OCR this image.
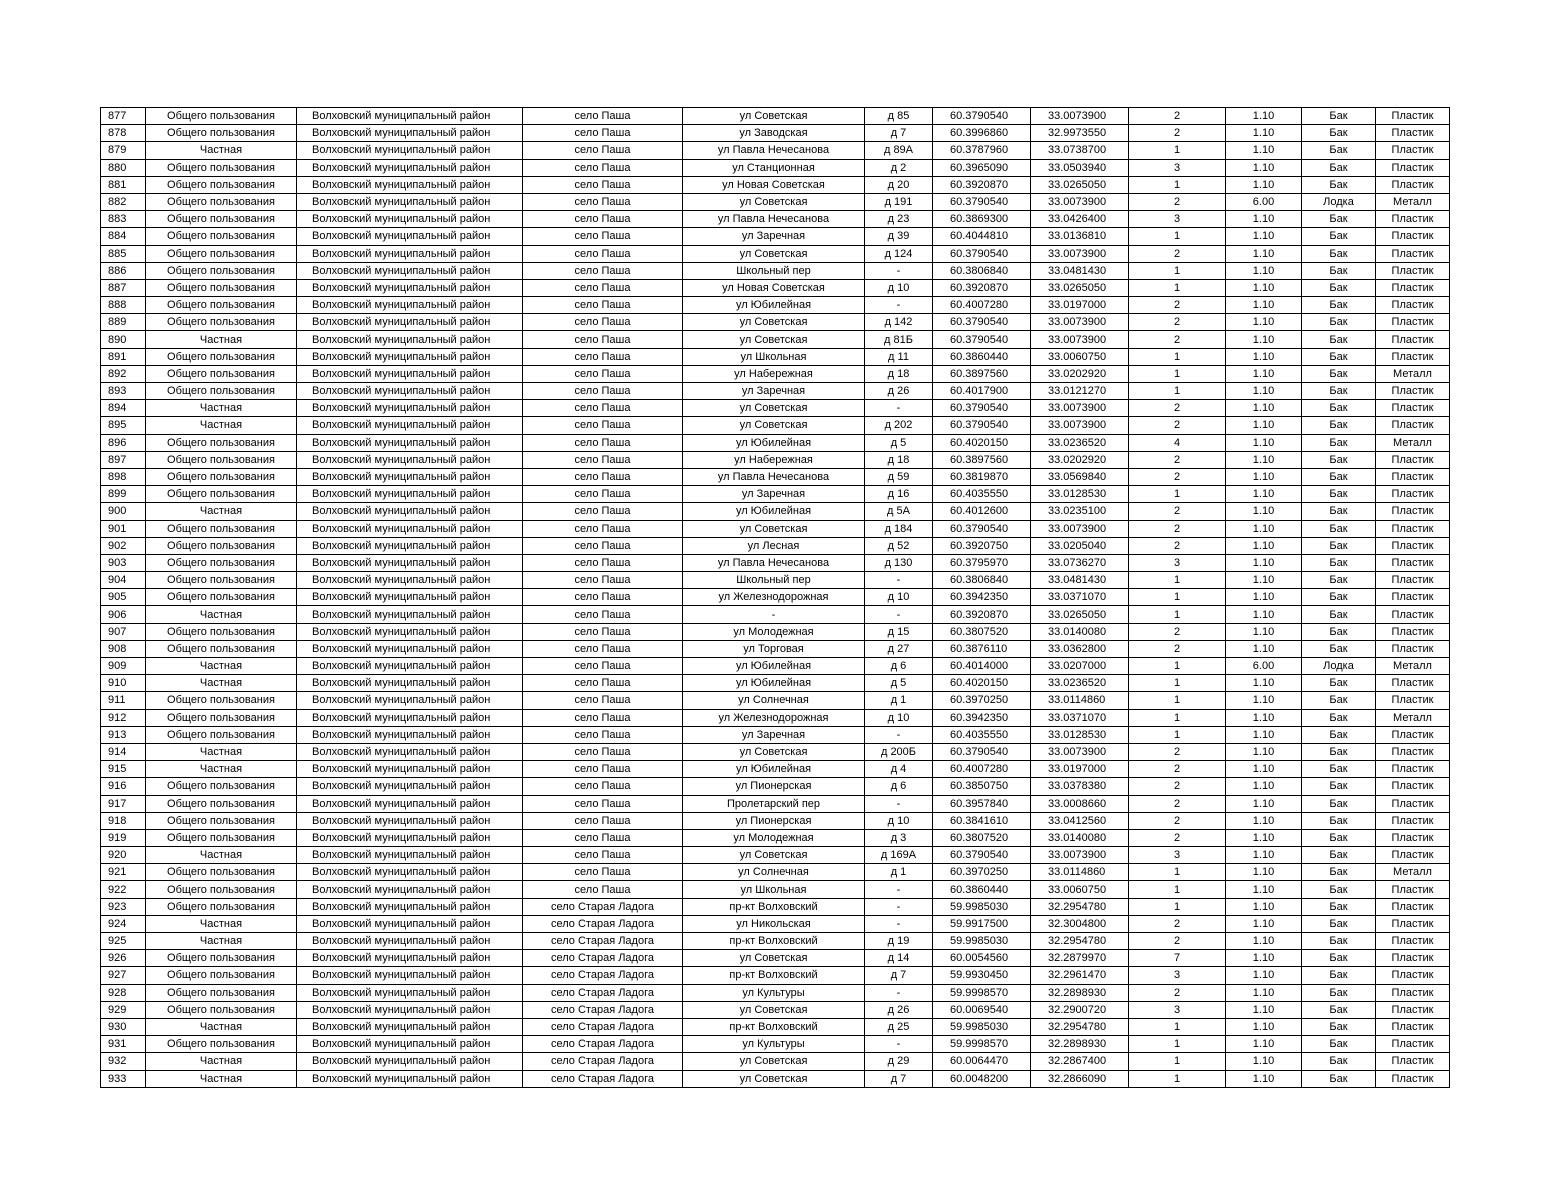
877	Общего пользования	Волховский муниципальный район	село Паша	ул Советская	д 85	60.3790540	33.0073900	2	1.10	Бак	Пластик
878	Общего пользования	Волховский муниципальный район	село Паша	ул Заводская	д 7	60.3996860	32.9973550	2	1.10	Бак	Пластик
879	Частная	Волховский муниципальный район	село Паша	ул Павла Нечесанова	д 89А	60.3787960	33.0738700	1	1.10	Бак	Пластик
880	Общего пользования	Волховский муниципальный район	село Паша	ул Станционная	д 2	60.3965090	33.0503940	3	1.10	Бак	Пластик
881	Общего пользования	Волховский муниципальный район	село Паша	ул Новая Советская	д 20	60.3920870	33.0265050	1	1.10	Бак	Пластик
882	Общего пользования	Волховский муниципальный район	село Паша	ул Советская	д 191	60.3790540	33.0073900	2	6.00	Лодка	Металл
883	Общего пользования	Волховский муниципальный район	село Паша	ул Павла Нечесанова	д 23	60.3869300	33.0426400	3	1.10	Бак	Пластик
884	Общего пользования	Волховский муниципальный район	село Паша	ул Заречная	д 39	60.4044810	33.0136810	1	1.10	Бак	Пластик
885	Общего пользования	Волховский муниципальный район	село Паша	ул Советская	д 124	60.3790540	33.0073900	2	1.10	Бак	Пластик
886	Общего пользования	Волховский муниципальный район	село Паша	Школьный пер	-	60.3806840	33.0481430	1	1.10	Бак	Пластик
887	Общего пользования	Волховский муниципальный район	село Паша	ул Новая Советская	д 10	60.3920870	33.0265050	1	1.10	Бак	Пластик
888	Общего пользования	Волховский муниципальный район	село Паша	ул Юбилейная	-	60.4007280	33.0197000	2	1.10	Бак	Пластик
889	Общего пользования	Волховский муниципальный район	село Паша	ул Советская	д 142	60.3790540	33.0073900	2	1.10	Бак	Пластик
890	Частная	Волховский муниципальный район	село Паша	ул Советская	д 81Б	60.3790540	33.0073900	2	1.10	Бак	Пластик
891	Общего пользования	Волховский муниципальный район	село Паша	ул Школьная	д 11	60.3860440	33.0060750	1	1.10	Бак	Пластик
892	Общего пользования	Волховский муниципальный район	село Паша	ул Набережная	д 18	60.3897560	33.0202920	1	1.10	Бак	Металл
893	Общего пользования	Волховский муниципальный район	село Паша	ул Заречная	д 26	60.4017900	33.0121270	1	1.10	Бак	Пластик
894	Частная	Волховский муниципальный район	село Паша	ул Советская	-	60.3790540	33.0073900	2	1.10	Бак	Пластик
895	Частная	Волховский муниципальный район	село Паша	ул Советская	д 202	60.3790540	33.0073900	2	1.10	Бак	Пластик
896	Общего пользования	Волховский муниципальный район	село Паша	ул Юбилейная	д 5	60.4020150	33.0236520	4	1.10	Бак	Металл
897	Общего пользования	Волховский муниципальный район	село Паша	ул Набережная	д 18	60.3897560	33.0202920	2	1.10	Бак	Пластик
898	Общего пользования	Волховский муниципальный район	село Паша	ул Павла Нечесанова	д 59	60.3819870	33.0569840	2	1.10	Бак	Пластик
899	Общего пользования	Волховский муниципальный район	село Паша	ул Заречная	д 16	60.4035550	33.0128530	1	1.10	Бак	Пластик
900	Частная	Волховский муниципальный район	село Паша	ул Юбилейная	д 5А	60.4012600	33.0235100	2	1.10	Бак	Пластик
901	Общего пользования	Волховский муниципальный район	село Паша	ул Советская	д 184	60.3790540	33.0073900	2	1.10	Бак	Пластик
902	Общего пользования	Волховский муниципальный район	село Паша	ул Лесная	д 52	60.3920750	33.0205040	2	1.10	Бак	Пластик
903	Общего пользования	Волховский муниципальный район	село Паша	ул Павла Нечесанова	д 130	60.3795970	33.0736270	3	1.10	Бак	Пластик
904	Общего пользования	Волховский муниципальный район	село Паша	Школьный пер	-	60.3806840	33.0481430	1	1.10	Бак	Пластик
905	Общего пользования	Волховский муниципальный район	село Паша	ул Железнодорожная	д 10	60.3942350	33.0371070	1	1.10	Бак	Пластик
906	Частная	Волховский муниципальный район	село Паша	-	-	60.3920870	33.0265050	1	1.10	Бак	Пластик
907	Общего пользования	Волховский муниципальный район	село Паша	ул Молодежная	д 15	60.3807520	33.0140080	2	1.10	Бак	Пластик
908	Общего пользования	Волховский муниципальный район	село Паша	ул Торговая	д 27	60.3876110	33.0362800	2	1.10	Бак	Пластик
909	Частная	Волховский муниципальный район	село Паша	ул Юбилейная	д 6	60.4014000	33.0207000	1	6.00	Лодка	Металл
910	Частная	Волховский муниципальный район	село Паша	ул Юбилейная	д 5	60.4020150	33.0236520	1	1.10	Бак	Пластик
911	Общего пользования	Волховский муниципальный район	село Паша	ул Солнечная	д 1	60.3970250	33.0114860	1	1.10	Бак	Пластик
912	Общего пользования	Волховский муниципальный район	село Паша	ул Железнодорожная	д 10	60.3942350	33.0371070	1	1.10	Бак	Металл
913	Общего пользования	Волховский муниципальный район	село Паша	ул Заречная	-	60.4035550	33.0128530	1	1.10	Бак	Пластик
914	Частная	Волховский муниципальный район	село Паша	ул Советская	д 200Б	60.3790540	33.0073900	2	1.10	Бак	Пластик
915	Частная	Волховский муниципальный район	село Паша	ул Юбилейная	д 4	60.4007280	33.0197000	2	1.10	Бак	Пластик
916	Общего пользования	Волховский муниципальный район	село Паша	ул Пионерская	д 6	60.3850750	33.0378380	2	1.10	Бак	Пластик
917	Общего пользования	Волховский муниципальный район	село Паша	Пролетарский пер	-	60.3957840	33.0008660	2	1.10	Бак	Пластик
918	Общего пользования	Волховский муниципальный район	село Паша	ул Пионерская	д 10	60.3841610	33.0412560	2	1.10	Бак	Пластик
919	Общего пользования	Волховский муниципальный район	село Паша	ул Молодежная	д 3	60.3807520	33.0140080	2	1.10	Бак	Пластик
920	Частная	Волховский муниципальный район	село Паша	ул Советская	д 169А	60.3790540	33.0073900	3	1.10	Бак	Пластик
921	Общего пользования	Волховский муниципальный район	село Паша	ул Солнечная	д 1	60.3970250	33.0114860	1	1.10	Бак	Металл
922	Общего пользования	Волховский муниципальный район	село Паша	ул Школьная	-	60.3860440	33.0060750	1	1.10	Бак	Пластик
923	Общего пользования	Волховский муниципальный район	село Старая Ладога	пр-кт Волховский	-	59.9985030	32.2954780	1	1.10	Бак	Пластик
924	Частная	Волховский муниципальный район	село Старая Ладога	ул Никольская	-	59.9917500	32.3004800	2	1.10	Бак	Пластик
925	Частная	Волховский муниципальный район	село Старая Ладога	пр-кт Волховский	д 19	59.9985030	32.2954780	2	1.10	Бак	Пластик
926	Общего пользования	Волховский муниципальный район	село Старая Ладога	ул Советская	д 14	60.0054560	32.2879970	7	1.10	Бак	Пластик
927	Общего пользования	Волховский муниципальный район	село Старая Ладога	пр-кт Волховский	д 7	59.9930450	32.2961470	3	1.10	Бак	Пластик
928	Общего пользования	Волховский муниципальный район	село Старая Ладога	ул Культуры	-	59.9998570	32.2898930	2	1.10	Бак	Пластик
929	Общего пользования	Волховский муниципальный район	село Старая Ладога	ул Советская	д 26	60.0069540	32.2900720	3	1.10	Бак	Пластик
930	Частная	Волховский муниципальный район	село Старая Ладога	пр-кт Волховский	д 25	59.9985030	32.2954780	1	1.10	Бак	Пластик
931	Общего пользования	Волховский муниципальный район	село Старая Ладога	ул Культуры	-	59.9998570	32.2898930	1	1.10	Бак	Пластик
932	Частная	Волховский муниципальный район	село Старая Ладога	ул Советская	д 29	60.0064470	32.2867400	1	1.10	Бак	Пластик
933	Частная	Волховский муниципальный район	село Старая Ладога	ул Советская	д 7	60.0048200	32.2866090	1	1.10	Бак	Пластик
